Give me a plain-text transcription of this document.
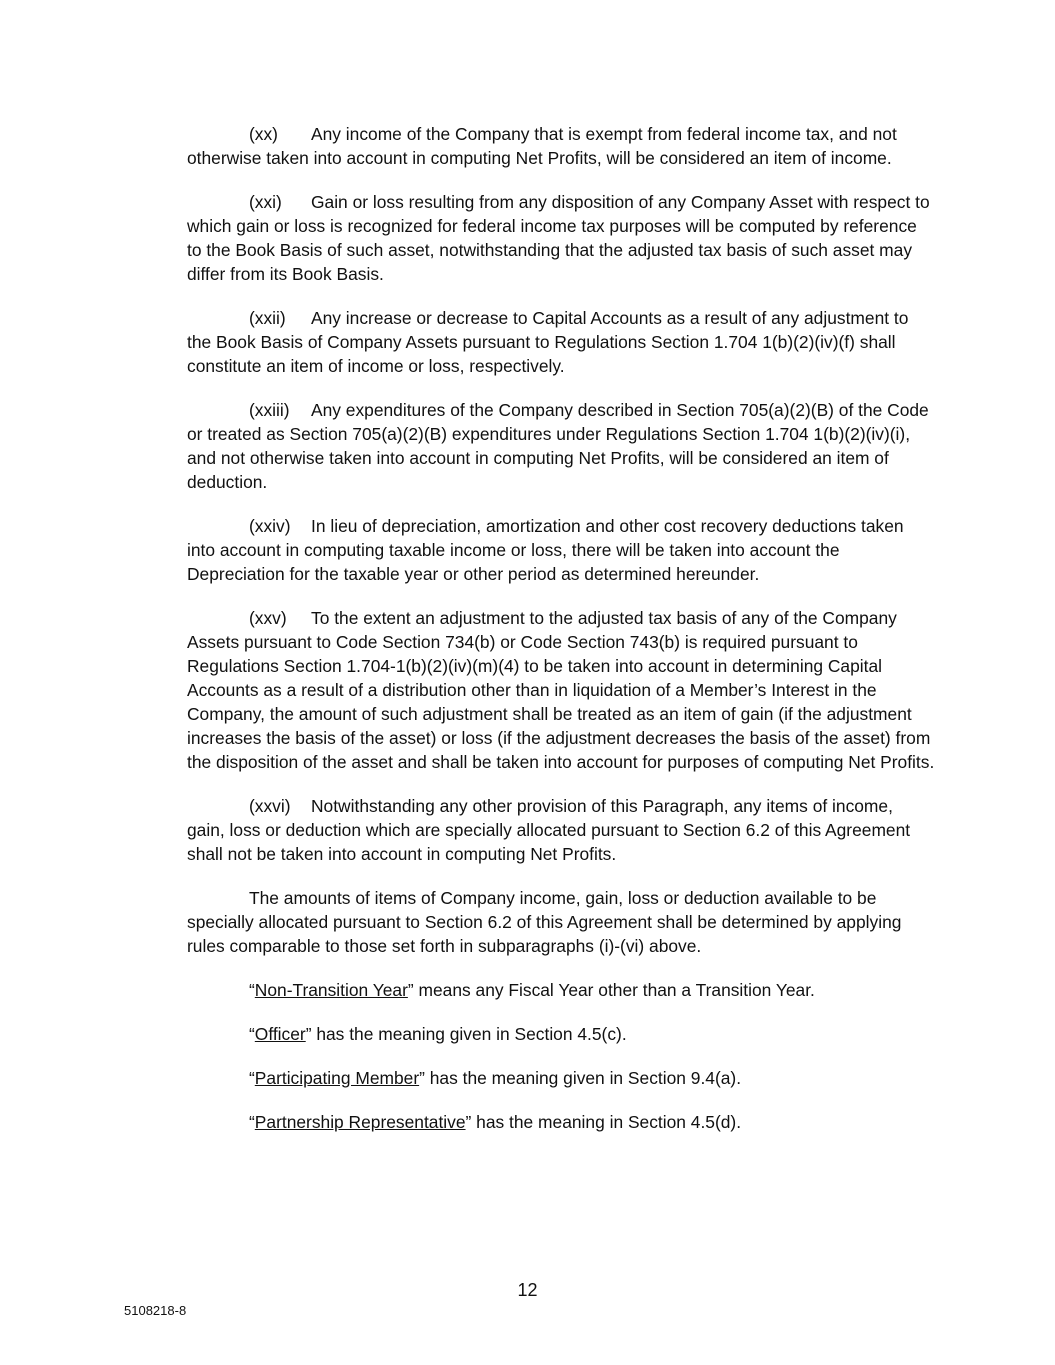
(xx) Any income of the Company that is exempt from federal income tax, and not otherwise taken into account in computing Net Profits, will be considered an item of income.

(xxi) Gain or loss resulting from any disposition of any Company Asset with respect to which gain or loss is recognized for federal income tax purposes will be computed by reference to the Book Basis of such asset, notwithstanding that the adjusted tax basis of such asset may differ from its Book Basis.

(xxii) Any increase or decrease to Capital Accounts as a result of any adjustment to the Book Basis of Company Assets pursuant to Regulations Section 1.704 1(b)(2)(iv)(f) shall constitute an item of income or loss, respectively.

(xxiii) Any expenditures of the Company described in Section 705(a)(2)(B) of the Code or treated as Section 705(a)(2)(B) expenditures under Regulations Section 1.704 1(b)(2)(iv)(i), and not otherwise taken into account in computing Net Profits, will be considered an item of deduction.

(xxiv) In lieu of depreciation, amortization and other cost recovery deductions taken into account in computing taxable income or loss, there will be taken into account the Depreciation for the taxable year or other period as determined hereunder.

(xxv) To the extent an adjustment to the adjusted tax basis of any of the Company Assets pursuant to Code Section 734(b) or Code Section 743(b) is required pursuant to Regulations Section 1.704-1(b)(2)(iv)(m)(4) to be taken into account in determining Capital Accounts as a result of a distribution other than in liquidation of a Member’s Interest in the Company, the amount of such adjustment shall be treated as an item of gain (if the adjustment increases the basis of the asset) or loss (if the adjustment decreases the basis of the asset) from the disposition of the asset and shall be taken into account for purposes of computing Net Profits.

(xxvi) Notwithstanding any other provision of this Paragraph, any items of income, gain, loss or deduction which are specially allocated pursuant to Section 6.2 of this Agreement shall not be taken into account in computing Net Profits.

The amounts of items of Company income, gain, loss or deduction available to be specially allocated pursuant to Section 6.2 of this Agreement shall be determined by applying rules comparable to those set forth in subparagraphs (i)-(vi) above.

“Non-Transition Year” means any Fiscal Year other than a Transition Year.

“Officer” has the meaning given in Section 4.5(c).

“Participating Member” has the meaning given in Section 9.4(a).

“Partnership Representative” has the meaning in Section 4.5(d).

12
5108218-8
